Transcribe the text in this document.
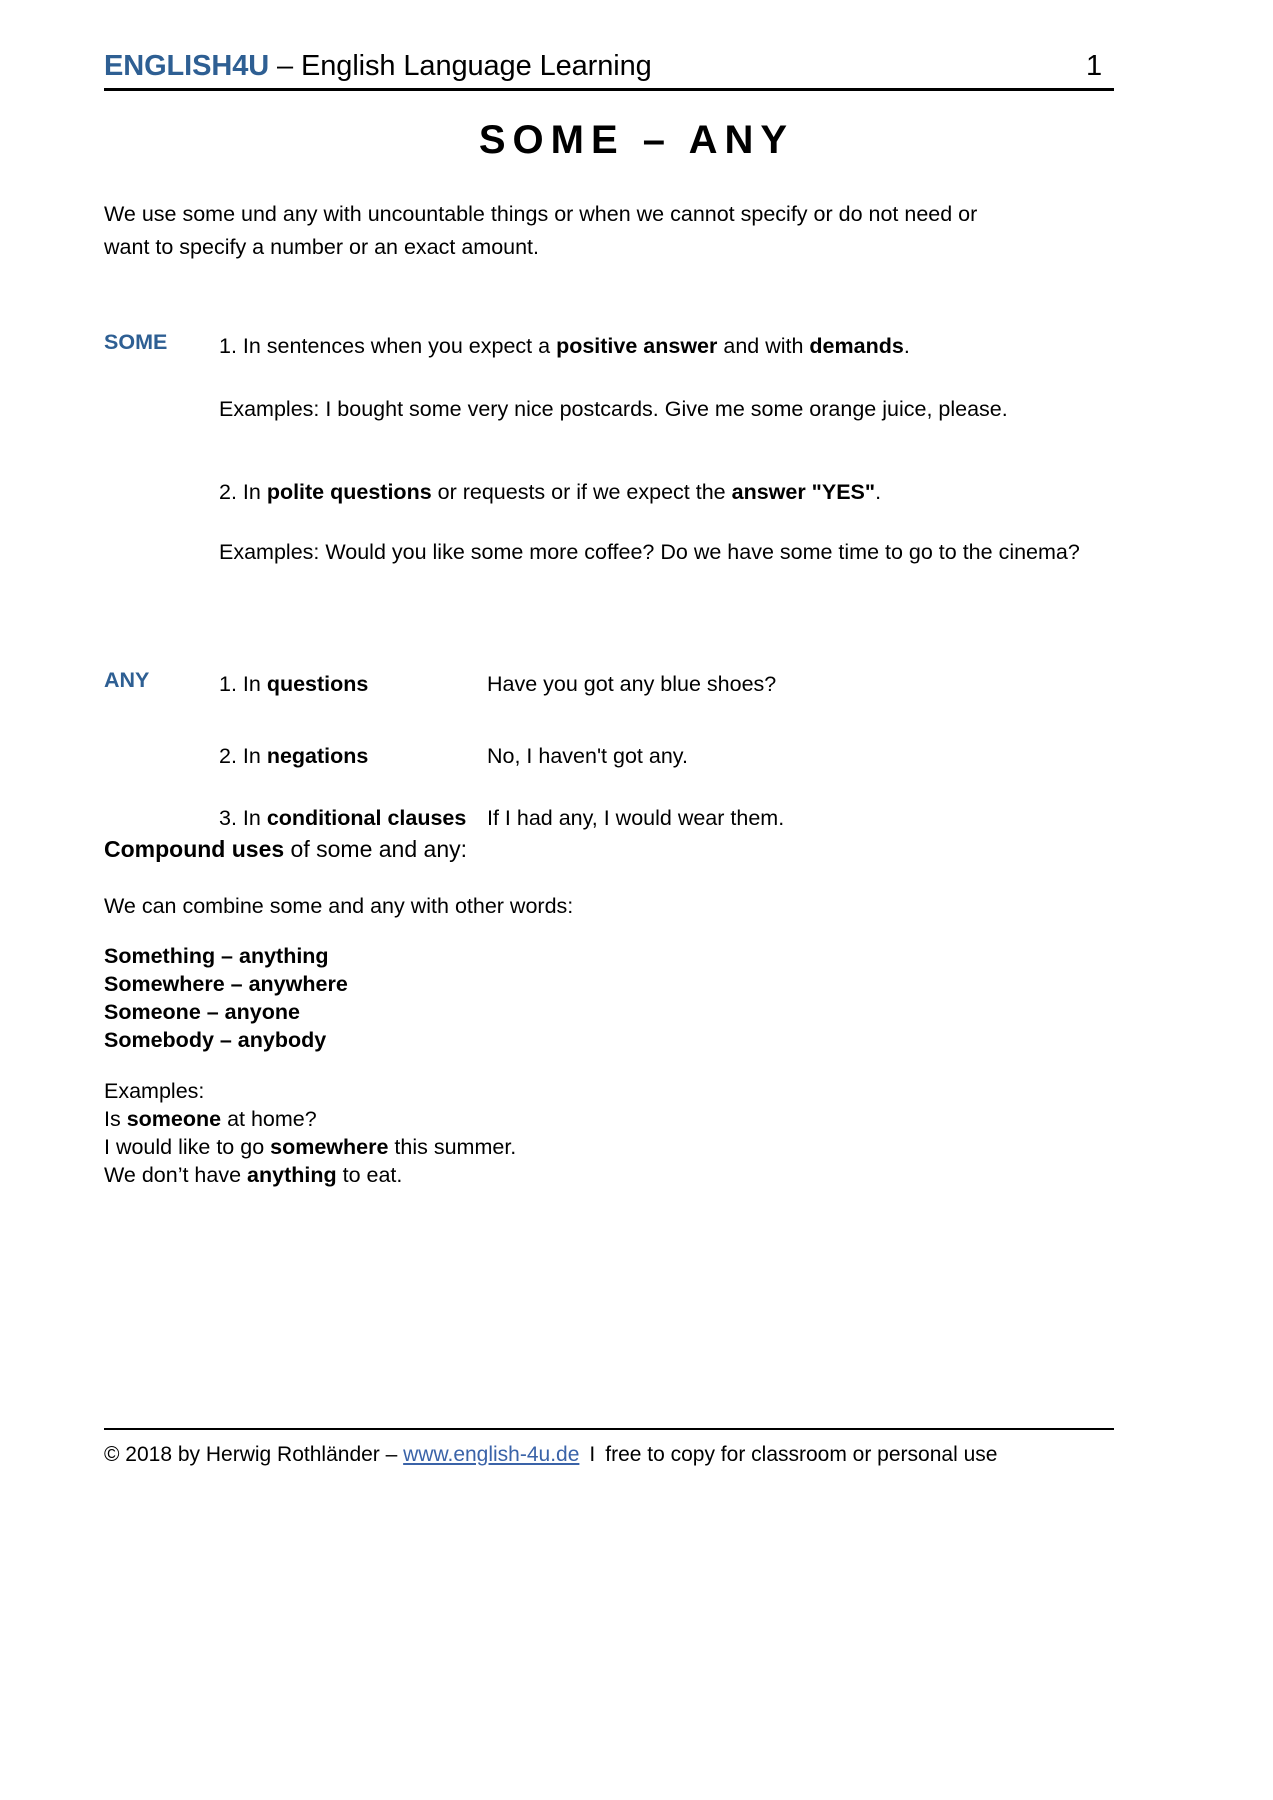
ENGLISH4U – English Language Learning	1
SOME – ANY
We use some und any with uncountable things or when we cannot specify or do not need or want to specify a number or an exact amount.
SOME	1. In sentences when you expect a positive answer and with demands.
Examples: I bought some very nice postcards. Give me some orange juice, please.
2. In polite questions or requests or if we expect the answer "YES".
Examples: Would you like some more coffee? Do we have some time to go to the cinema?
ANY	1. In questions	Have you got any blue shoes?
2. In negations	No, I haven't got any.
3. In conditional clauses If I had any, I would wear them.
Compound uses of some and any:
We can combine some and any with other words:
Something – anything
Somewhere – anywhere
Someone – anyone
Somebody – anybody
Examples:
Is someone at home?
I would like to go somewhere this summer.
We don’t have anything to eat.
© 2018 by Herwig Rothländer – www.english-4u.de I free to copy for classroom or personal use
